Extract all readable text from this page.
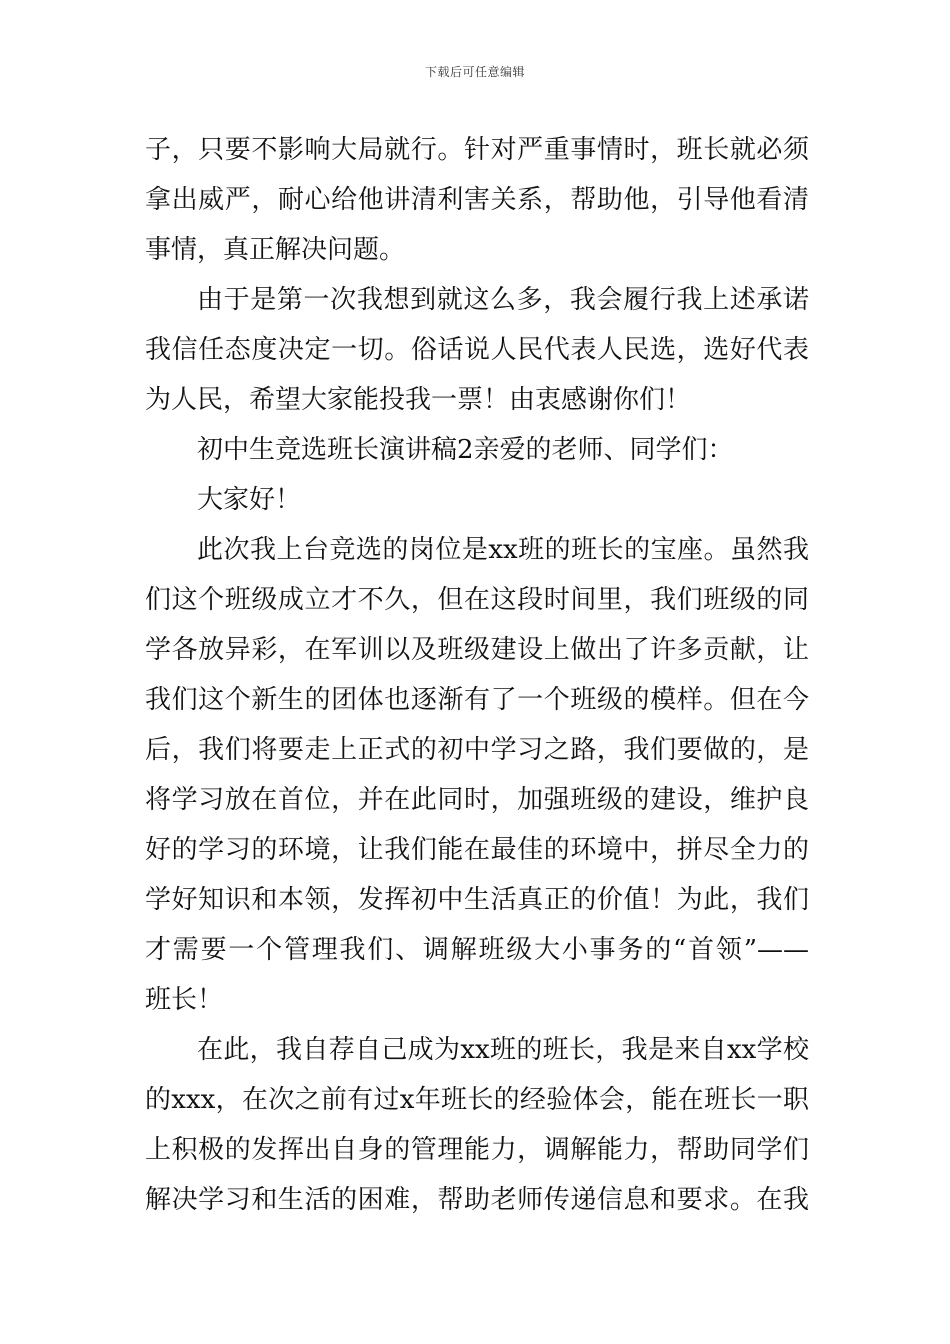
下载后可任意编辑
子，只要不影响大局就行。针对严重事情时，班长就必须
拿出威严，耐心给他讲清利害关系，帮助他，引导他看清
事情，真正解决问题。
由于是第一次我想到就这么多，我会履行我上述承诺
我信任态度决定一切。俗话说人民代表人民选，选好代表
为人民，希望大家能投我一票！由衷感谢你们！
初中生竞选班长演讲稿2亲爱的老师、同学们：
大家好！
此次我上台竞选的岗位是xx班的班长的宝座。虽然我
们这个班级成立才不久，但在这段时间里，我们班级的同
学各放异彩，在军训以及班级建设上做出了许多贡献，让
我们这个新生的团体也逐渐有了一个班级的模样。但在今
后，我们将要走上正式的初中学习之路，我们要做的，是
将学习放在首位，并在此同时，加强班级的建设，维护良
好的学习的环境，让我们能在最佳的环境中，拼尽全力的
学好知识和本领，发挥初中生活真正的价值！为此，我们
才需要一个管理我们、调解班级大小事务的“首领”——
班长！
在此，我自荐自己成为xx班的班长，我是来自xx学校
的xxx，在次之前有过x年班长的经验体会，能在班长一职
上积极的发挥出自身的管理能力，调解能力，帮助同学们
解决学习和生活的困难，帮助老师传递信息和要求。在我
